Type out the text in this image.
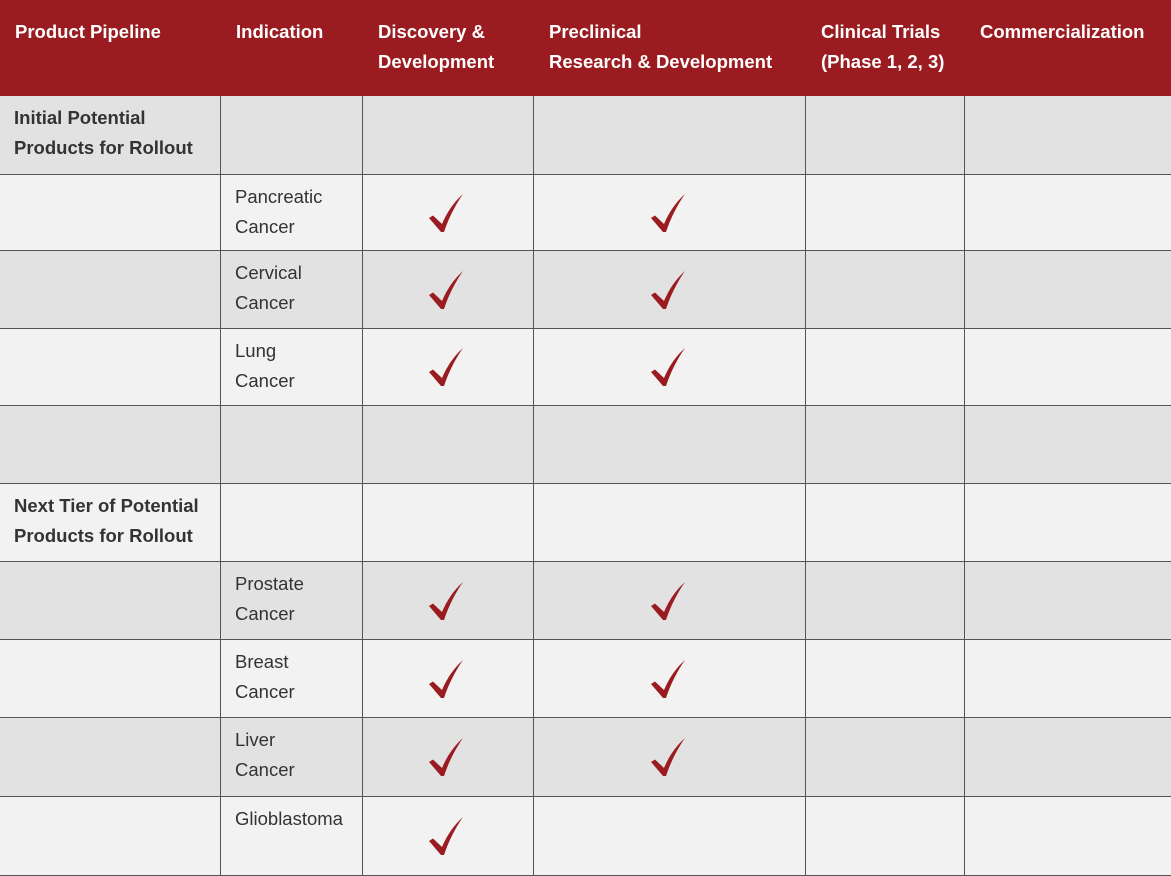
Product Pipeline	Indication	Discovery &
Development
Preclinical
Research & Development
Clinical Trials
(Phase 1, 2, 3)
Commercialization
Initial Potential
Products for Rollout
Pancreatic
Cancer
Cervical
Cancer
Lung
Cancer
Next Tier of Potential
Products for Rollout
Prostate
Cancer
Breast
Cancer
Liver
Cancer
Glioblastoma
